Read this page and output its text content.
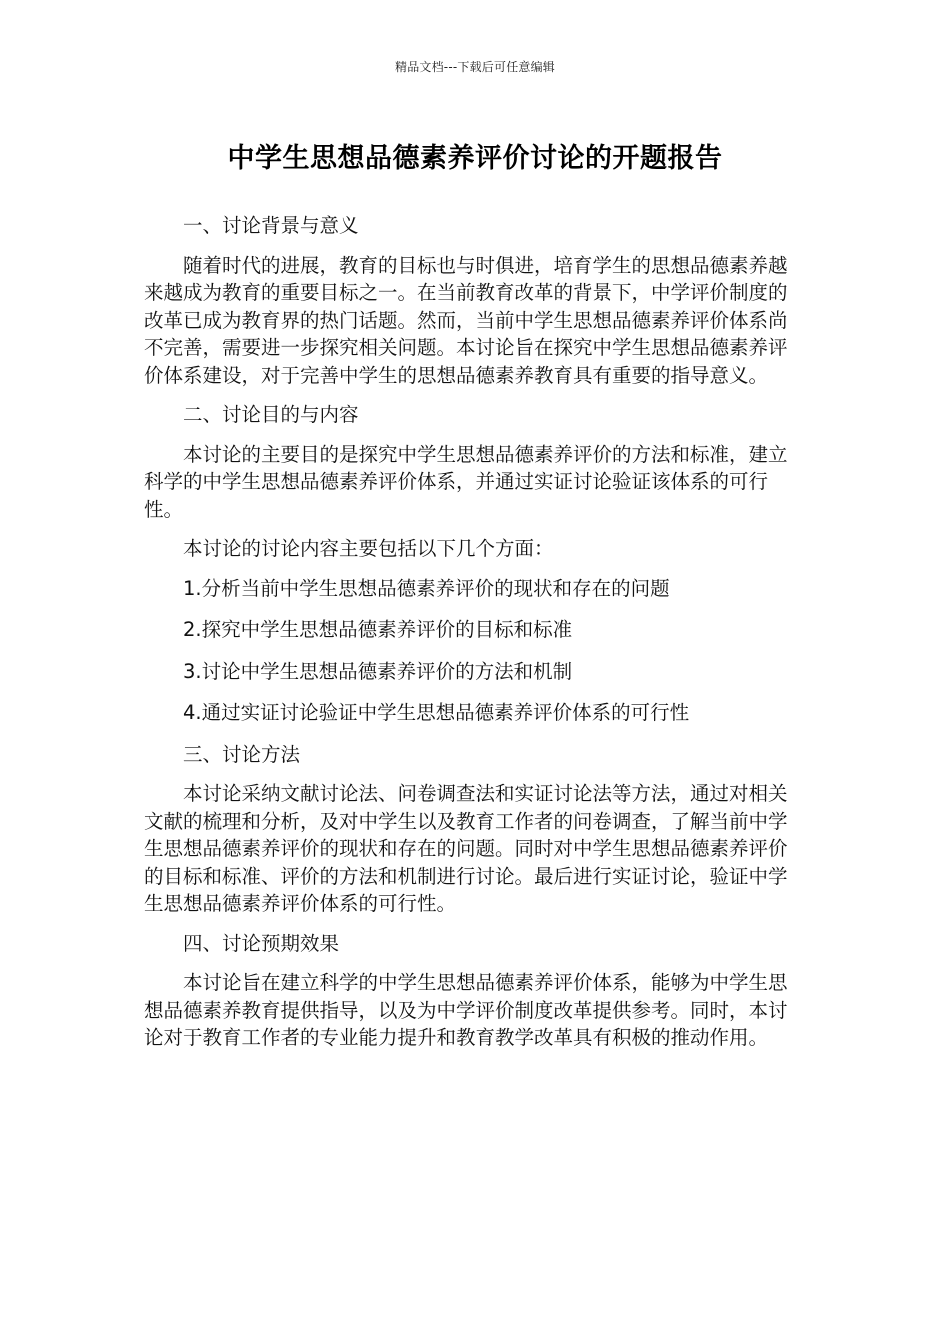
精品文档---下载后可任意编辑
中学生思想品德素养评价讨论的开题报告

一、讨论背景与意义

随着时代的进展，教育的目标也与时俱进，培育学生的思想品德素养越来越成为教育的重要目标之一。在当前教育改革的背景下，中学评价制度的改革已成为教育界的热门话题。然而，当前中学生思想品德素养评价体系尚不完善，需要进一步探究相关问题。本讨论旨在探究中学生思想品德素养评价体系建设，对于完善中学生的思想品德素养教育具有重要的指导意义。

二、讨论目的与内容

本讨论的主要目的是探究中学生思想品德素养评价的方法和标准，建立科学的中学生思想品德素养评价体系，并通过实证讨论验证该体系的可行性。

本讨论的讨论内容主要包括以下几个方面：

1.分析当前中学生思想品德素养评价的现状和存在的问题

2.探究中学生思想品德素养评价的目标和标准

3.讨论中学生思想品德素养评价的方法和机制

4.通过实证讨论验证中学生思想品德素养评价体系的可行性

三、讨论方法

本讨论采纳文献讨论法、问卷调查法和实证讨论法等方法，通过对相关文献的梳理和分析，及对中学生以及教育工作者的问卷调查，了解当前中学生思想品德素养评价的现状和存在的问题。同时对中学生思想品德素养评价的目标和标准、评价的方法和机制进行讨论。最后进行实证讨论，验证中学生思想品德素养评价体系的可行性。

四、讨论预期效果

本讨论旨在建立科学的中学生思想品德素养评价体系，能够为中学生思想品德素养教育提供指导，以及为中学评价制度改革提供参考。同时，本讨论对于教育工作者的专业能力提升和教育教学改革具有积极的推动作用。
